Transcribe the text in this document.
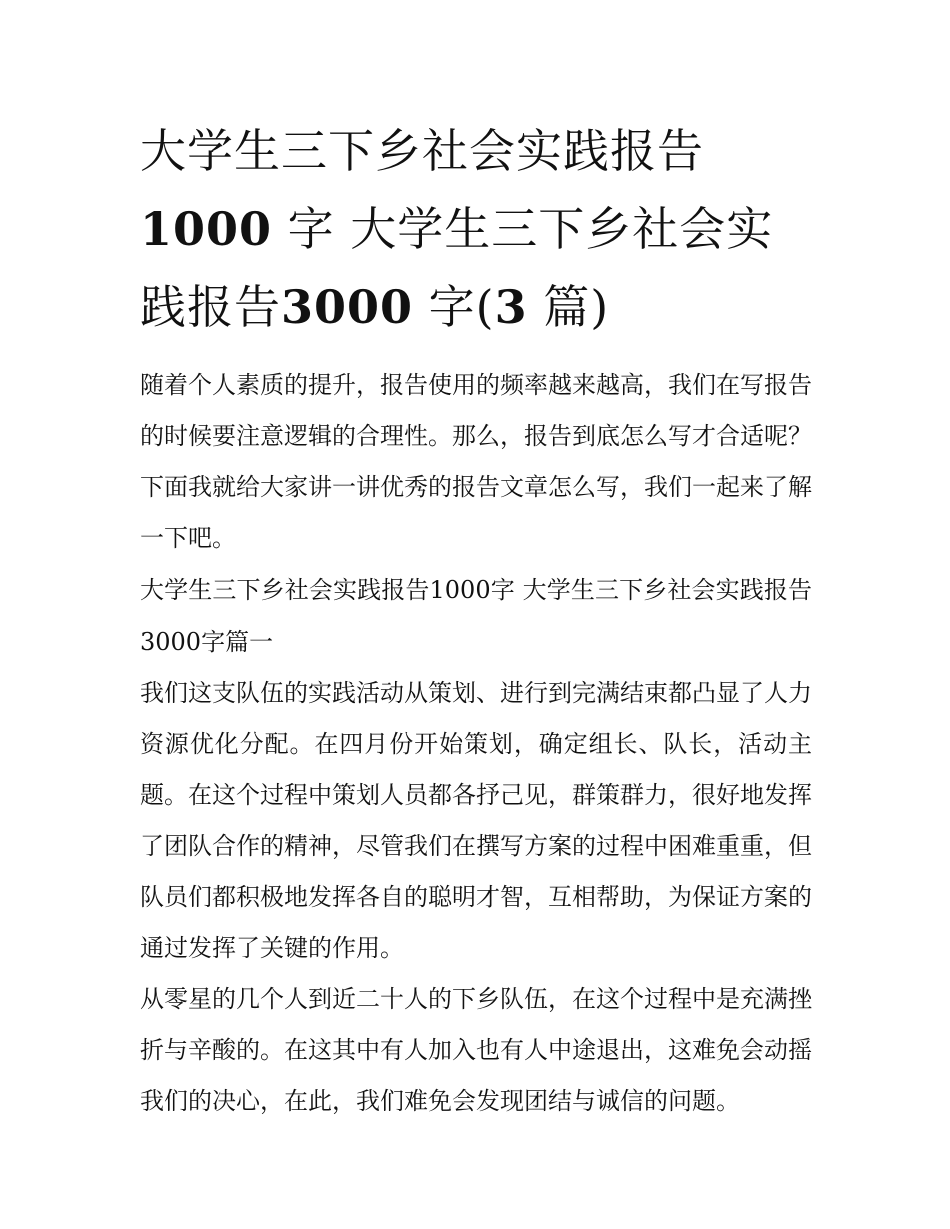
大学生三下乡社会实践报告1000 字 大学生三下乡社会实践报告3000 字(3 篇)

随着个人素质的提升，报告使用的频率越来越高，我们在写报告的时候要注意逻辑的合理性。那么，报告到底怎么写才合适呢？下面我就给大家讲一讲优秀的报告文章怎么写，我们一起来了解一下吧。

大学生三下乡社会实践报告1000字 大学生三下乡社会实践报告3000字篇一

我们这支队伍的实践活动从策划、进行到完满结束都凸显了人力资源优化分配。在四月份开始策划，确定组长、队长，活动主题。在这个过程中策划人员都各抒己见，群策群力，很好地发挥了团队合作的精神，尽管我们在撰写方案的过程中困难重重，但队员们都积极地发挥各自的聪明才智，互相帮助，为保证方案的通过发挥了关键的作用。

从零星的几个人到近二十人的下乡队伍，在这个过程中是充满挫折与辛酸的。在这其中有人加入也有人中途退出，这难免会动摇我们的决心，在此，我们难免会发现团结与诚信的问题。
